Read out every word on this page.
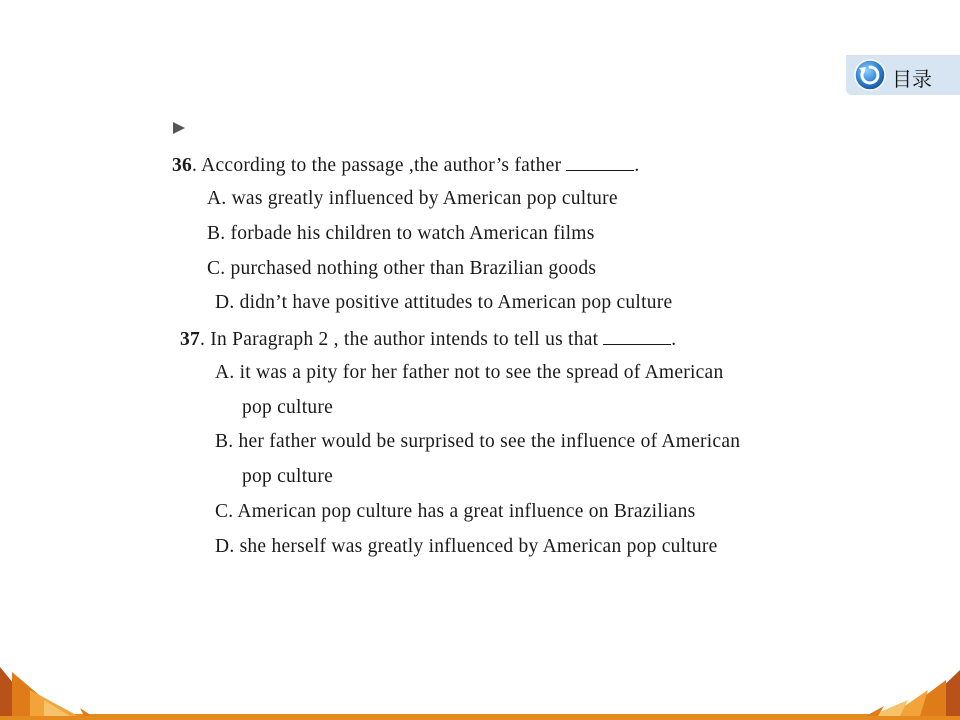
目录
36. According to the passage ,the author’s father	.
A. was greatly influenced by American pop culture
B. forbade his children to watch American films
C. purchased nothing other than Brazilian goods
D. didn’t have positive attitudes to American pop culture
37. In Paragraph 2 , the author intends to tell us that	.
A. it was a pity for her father not to see the spread of American
pop culture
B. her father would be surprised to see the influence of American
pop culture
C. American pop culture has a great influence on Brazilians
D. she herself was greatly influenced by American pop culture
